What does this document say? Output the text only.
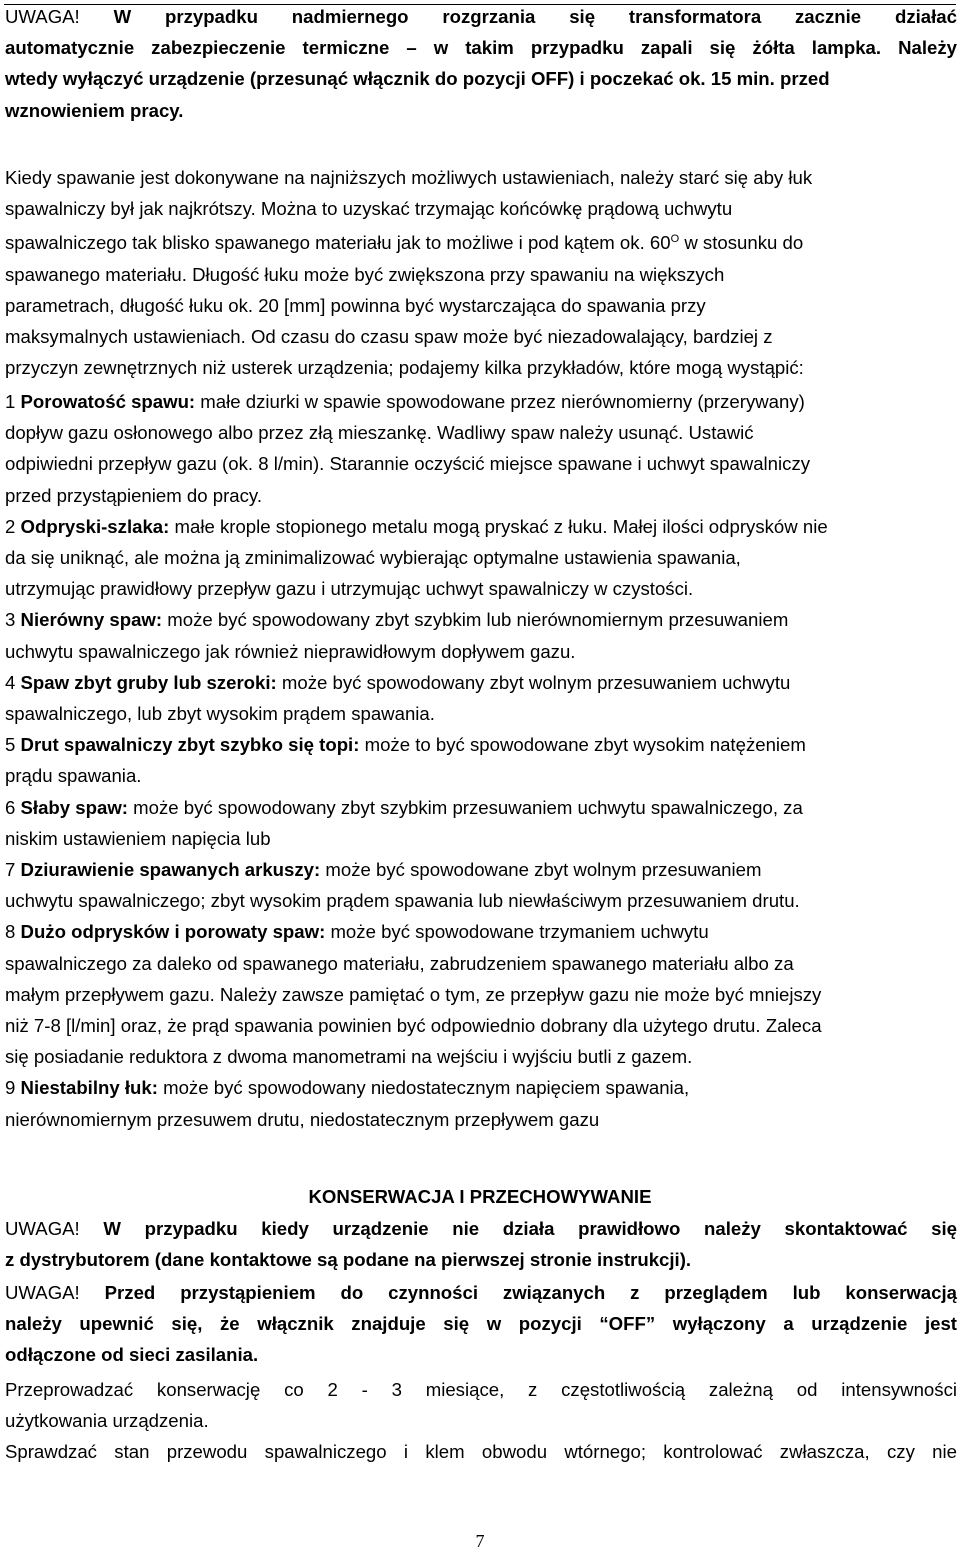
UWAGA! W przypadku nadmiernego rozgrzania się transformatora zacznie działać
automatycznie zabezpieczenie termiczne – w takim przypadku zapali się żółta lampka. Należy
wtedy wyłączyć urządzenie (przesunąć włącznik do pozycji OFF) i poczekać ok. 15 min. przed
wznowieniem pracy.
Kiedy spawanie jest dokonywane na najniższych możliwych ustawieniach, należy starć się aby łuk
spawalniczy był jak najkrótszy. Można to uzyskać trzymając końcówkę prądową uchwytu
spawalniczego tak blisko spawanego materiału jak to możliwe i pod kątem ok. $60^O$ w stosunku do
spawanego materiału. Długość łuku może być zwiększona przy spawaniu na większych
parametrach, długość łuku ok. 20 [mm] powinna być wystarczająca do spawania przy
maksymalnych ustawieniach. Od czasu do czasu spaw może być niezadowalający, bardziej z
przyczyn zewnętrznych niż usterek urządzenia; podajemy kilka przykładów, które mogą wystąpić:
1 Porowatość spawu: małe dziurki w spawie spowodowane przez nierównomierny (przerywany)
dopływ gazu osłonowego albo przez złą mieszankę. Wadliwy spaw należy usunąć. Ustawić
odpiwiedni przepływ gazu (ok. 8 l/min). Starannie oczyścić miejsce spawane i uchwyt spawalniczy
przed przystąpieniem do pracy.
2 Odpryski-szlaka: małe krople stopionego metalu mogą pryskać z łuku. Małej ilości odprysków nie
da się uniknąć, ale można ją zminimalizować wybierając optymalne ustawienia spawania,
utrzymując prawidłowy przepływ gazu i utrzymując uchwyt spawalniczy w czystości.
3 Nierówny spaw: może być spowodowany zbyt szybkim lub nierównomiernym przesuwaniem
uchwytu spawalniczego jak również nieprawidłowym dopływem gazu.
4 Spaw zbyt gruby lub szeroki: może być spowodowany zbyt wolnym przesuwaniem uchwytu
spawalniczego, lub zbyt wysokim prądem spawania.
5 Drut spawalniczy zbyt szybko się topi: może to być spowodowane zbyt wysokim natężeniem
prądu spawania.
6 Słaby spaw: może być spowodowany zbyt szybkim przesuwaniem uchwytu spawalniczego, za
niskim ustawieniem napięcia lub
7 Dziurawienie spawanych arkuszy: może być spowodowane zbyt wolnym przesuwaniem
uchwytu spawalniczego; zbyt wysokim prądem spawania lub niewłaściwym przesuwaniem drutu.
8 Dużo odprysków i porowaty spaw: może być spowodowane trzymaniem uchwytu
spawalniczego za daleko od spawanego materiału, zabrudzeniem spawanego materiału albo za
małym przepływem gazu. Należy zawsze pamiętać o tym, ze przepływ gazu nie może być mniejszy
niż 7-8 [l/min] oraz, że prąd spawania powinien być odpowiednio dobrany dla użytego drutu. Zaleca
się posiadanie reduktora z dwoma manometrami na wejściu i wyjściu butli z gazem.
9 Niestabilny łuk: może być spowodowany niedostatecznym napięciem spawania,
nierównomiernym przesuwem drutu, niedostatecznym przepływem gazu
KONSERWACJA I PRZECHOWYWANIE
UWAGA! W przypadku kiedy urządzenie nie działa prawidłowo należy skontaktować się
z dystrybutorem (dane kontaktowe są podane na pierwszej stronie instrukcji).
UWAGA! Przed przystąpieniem do czynności związanych z przeglądem lub konserwacją
należy upewnić się, że włącznik znajduje się w pozycji “OFF” wyłączony a urządzenie jest
odłączone od sieci zasilania.
Przeprowadzać konserwację co 2 - 3 miesiące, z częstotliwością zależną od intensywności
użytkowania urządzenia.
Sprawdzać stan przewodu spawalniczego i klem obwodu wtórnego; kontrolować zwłaszcza, czy nie
7
